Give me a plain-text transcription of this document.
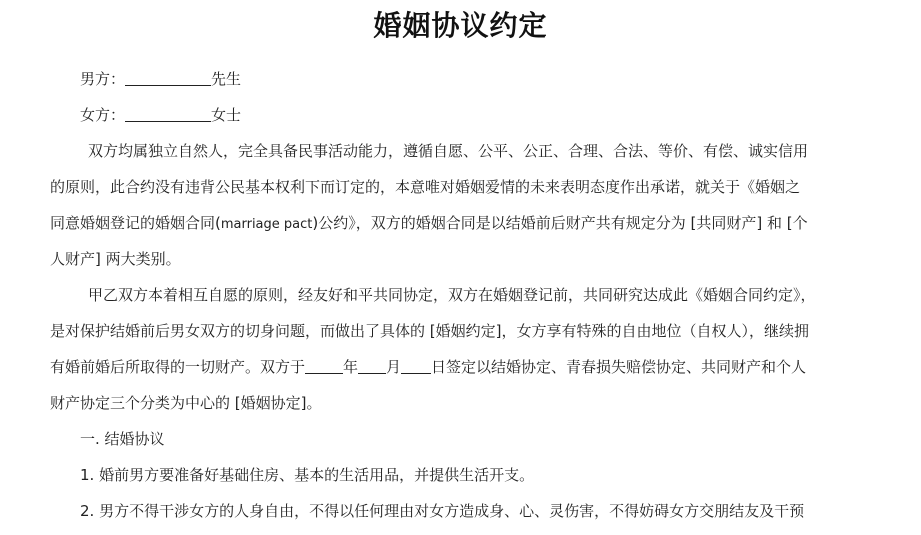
婚姻协议约定
男方：	先生
女方：	女士
双方均属独立自然人，完全具备民事活动能力，遵循自愿、公平、公正、合理、合法、等价、有偿、诚实信用
的原则，此合约没有违背公民基本权利下而订定的，本意唯对婚姻爱情的未来表明态度作出承诺，就关于《婚姻之
同意婚姻登记的婚姻合同(marriage pact)公约》，双方的婚姻合同是以结婚前后财产共有规定分为 [共同财产] 和 [个
人财产] 两大类别。
甲乙双方本着相互自愿的原则，经友好和平共同协定，双方在婚姻登记前，共同研究达成此《婚姻合同约定》，
是对保护结婚前后男女双方的切身问题，而做出了具体的 [婚姻约定]，女方享有特殊的自由地位（自权人），继续拥
有婚前婚后所取得的一切财产。双方于	年 月 日签定以结婚协定、青春损失赔偿协定、共同财产和个人
财产协定三个分类为中心的 [婚姻协定]。
一. 结婚协议
1. 婚前男方要准备好基础住房、基本的生活用品，并提供生活开支。
2. 男方不得干涉女方的人身自由，不得以任何理由对女方造成身、心、灵伤害，不得妨碍女方交朋结友及干预
